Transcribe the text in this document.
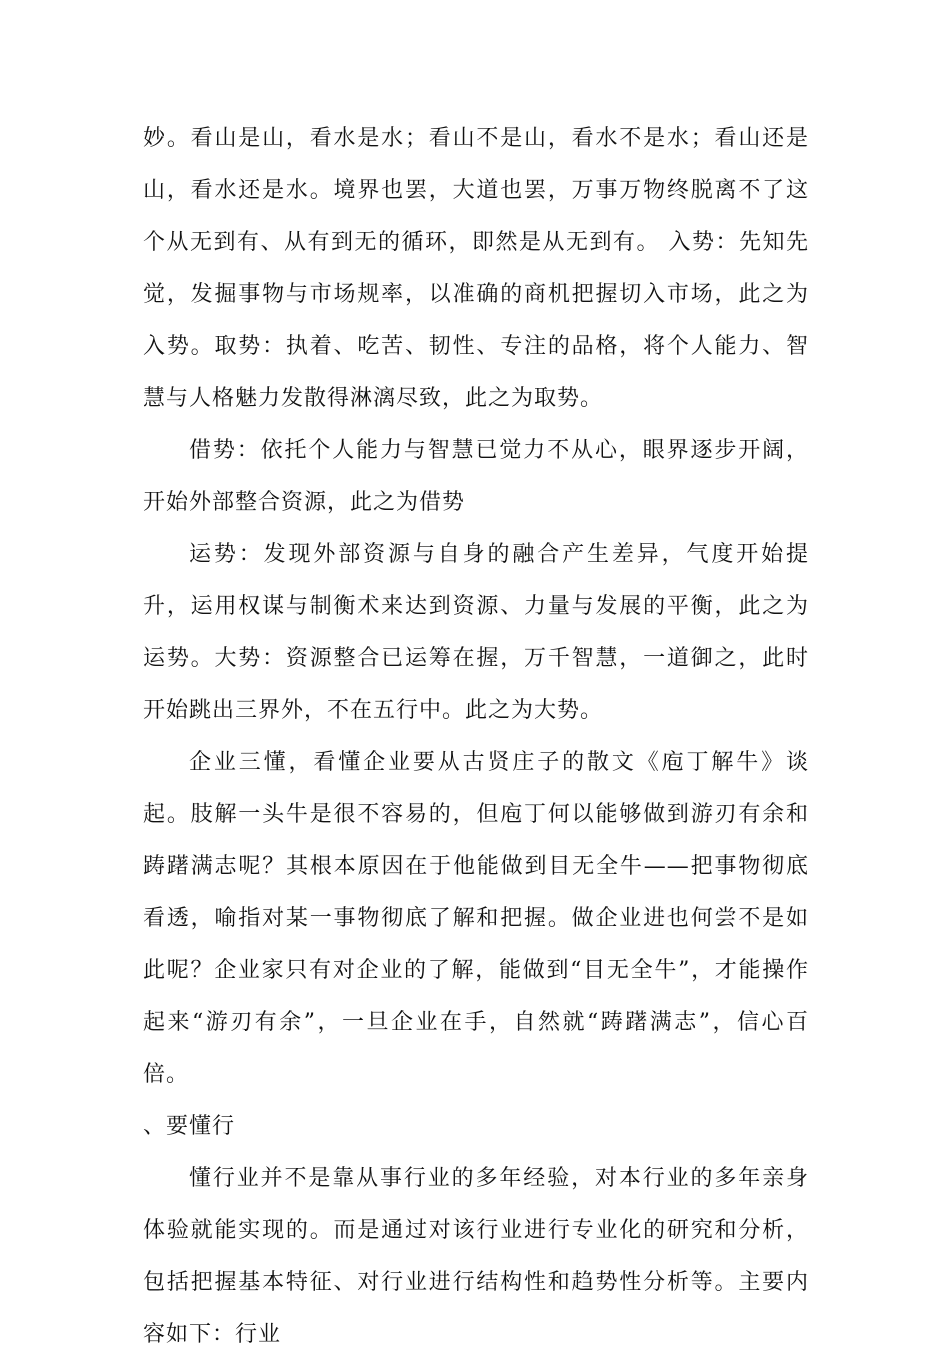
妙。看山是山，看水是水；看山不是山，看水不是水；看山还是山，看水还是水。境界也罢，大道也罢，万事万物终脱离不了这个从无到有、从有到无的循环，即然是从无到有。 入势：先知先觉，发掘事物与市场规率，以准确的商机把握切入市场，此之为入势。取势：执着、吃苦、韧性、专注的品格，将个人能力、智慧与人格魅力发散得淋漓尽致，此之为取势。

借势：依托个人能力与智慧已觉力不从心，眼界逐步开阔，开始外部整合资源，此之为借势

运势：发现外部资源与自身的融合产生差异，气度开始提升，运用权谋与制衡术来达到资源、力量与发展的平衡，此之为运势。大势：资源整合已运筹在握，万千智慧，一道御之，此时开始跳出三界外，不在五行中。此之为大势。

企业三懂，看懂企业要从古贤庄子的散文《庖丁解牛》谈起。肢解一头牛是很不容易的，但庖丁何以能够做到游刃有余和踌躇满志呢？其根本原因在于他能做到目无全牛——把事物彻底看透，喻指对某一事物彻底了解和把握。做企业进也何尝不是如此呢？企业家只有对企业的了解，能做到“目无全牛”，才能操作起来“游刃有余”，一旦企业在手，自然就“踌躇满志”，信心百倍。

、要懂行

懂行业并不是靠从事行业的多年经验，对本行业的多年亲身体验就能实现的。而是通过对该行业进行专业化的研究和分析，包括把握基本特征、对行业进行结构性和趋势性分析等。主要内容如下：行业
